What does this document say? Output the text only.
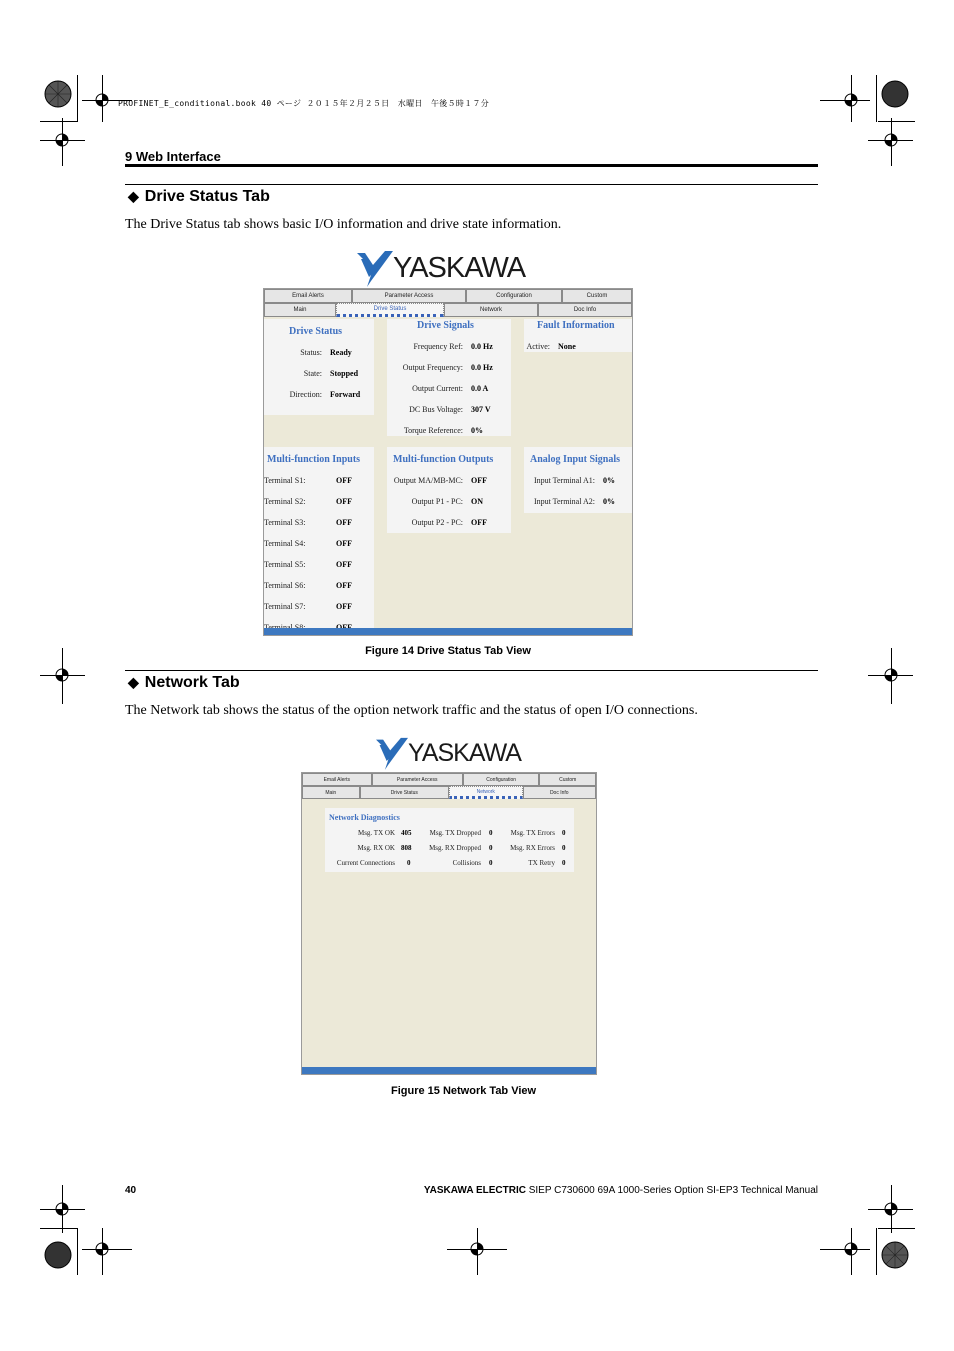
PROFINET_E_conditional.book 40 ページ ２０１５年２月２５日　水曜日　午後５時１７分
9 Web Interface
◆ Drive Status Tab
The Drive Status tab shows basic I/O information and drive state information.
YASKAWA
Email Alerts	Parameter Access	Configuration	Custom
Main	Drive Status	Network	Doc Info
Drive Status
Status: Ready
State: Stopped
Direction: Forward
Drive Signals
Frequency Ref: 0.0 Hz
Output Frequency: 0.0 Hz
Output Current: 0.0 A
DC Bus Voltage: 307 V
Torque Reference: 0%
Fault Information
Active: None
Multi-function Inputs
Terminal S1:	OFF
Terminal S2:	OFF
Terminal S3:	OFF
Terminal S4:	OFF
Terminal S5:	OFF
Terminal S6:	OFF
Terminal S7:	OFF
Multi-function Outputs
Output MA/MB-MC: OFF
Output P1 - PC: ON
Output P2 - PC: OFF
Analog Input Signals
Input Terminal A1: 0%
Input Terminal A2: 0%
Figure 14 Drive Status Tab View
◆ Network Tab
The Network tab shows the status of the option network traffic and the status of open I/O connections.
YASKAWA
Email Alerts	Parameter Access	Configuration	Custom
Main	Drive Status	Network	Doc Info
Network Diagnostics
Msg. TX OK 405	Msg. TX Dropped 0	Msg. TX Errors 0
Msg. RX OK 808	Msg. RX Dropped 0	Msg. RX Errors 0
Current Connections 0	Collisions 0	TX Retry 0
Figure 15 Network Tab View
40	YASKAWA ELECTRIC SIEP C730600 69A 1000-Series Option SI-EP3 Technical Manual
